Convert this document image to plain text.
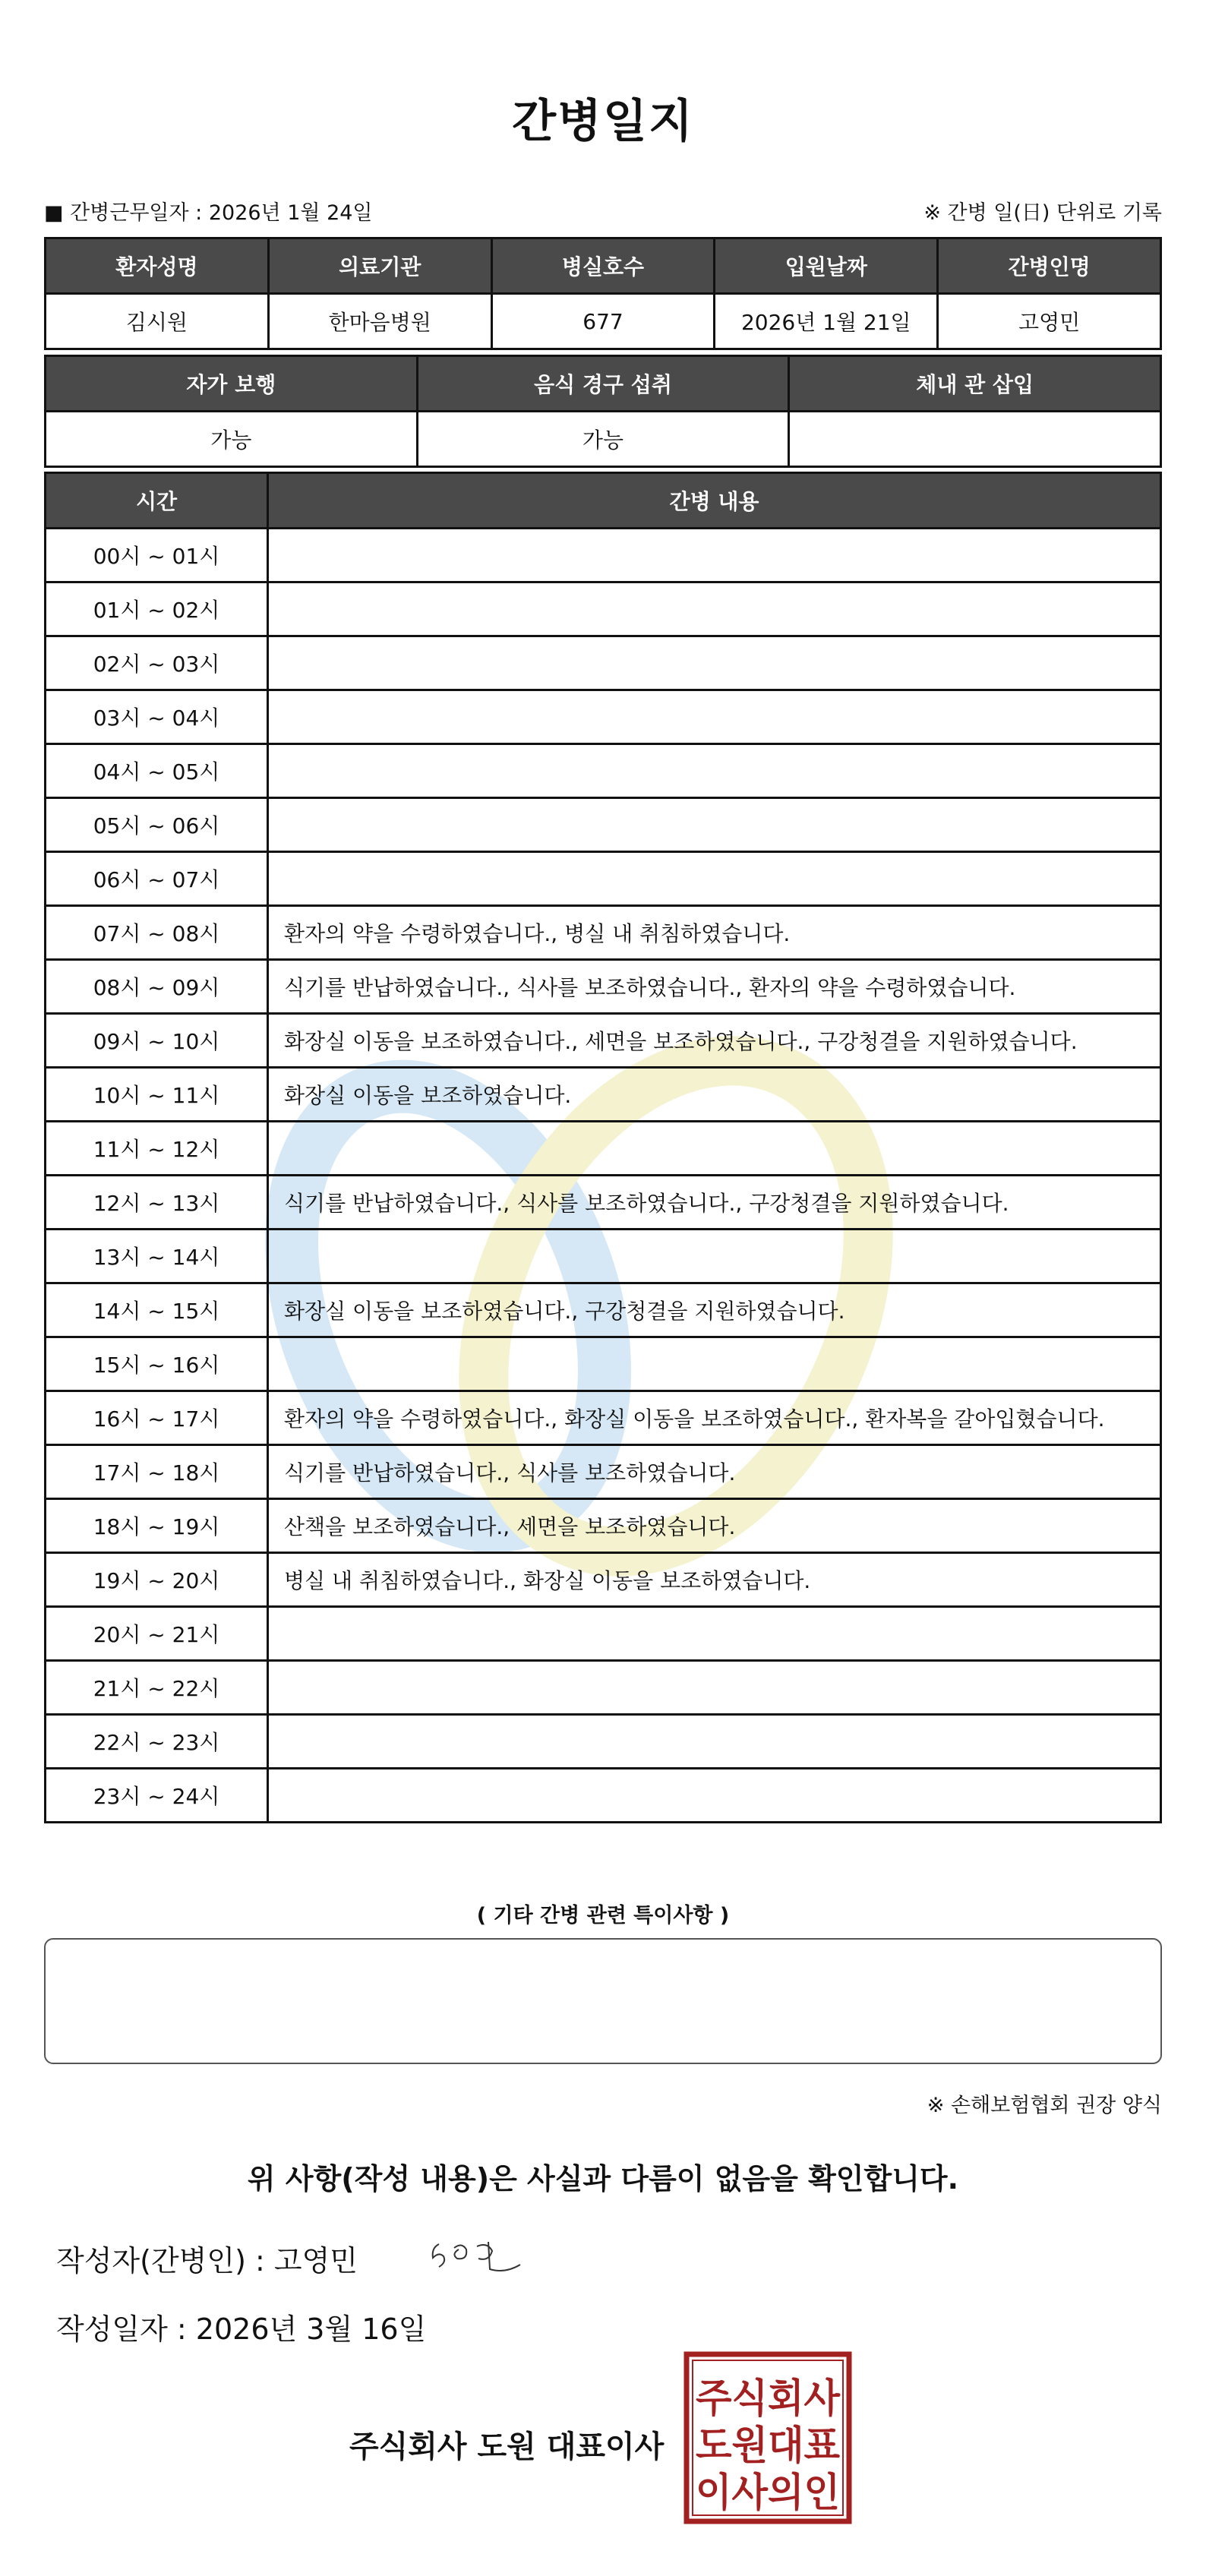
간병일지
■ 간병근무일자 : 2026년 1월 24일	※ 간병 일(日) 단위로 기록
환자성명	의료기관	병실호수	입원날짜	간병인명
김시원	한마음병원	677	2026년 1월 21일	고영민
자가 보행	음식 경구 섭취	체내 관 삽입
가능	가능	
시간	간병 내용
00시 ~ 01시	
01시 ~ 02시	
02시 ~ 03시	
03시 ~ 04시	
04시 ~ 05시	
05시 ~ 06시	
06시 ~ 07시	
07시 ~ 08시	환자의 약을 수령하였습니다., 병실 내 취침하였습니다.
08시 ~ 09시	식기를 반납하였습니다., 식사를 보조하였습니다., 환자의 약을 수령하였습니다.
09시 ~ 10시	화장실 이동을 보조하였습니다., 세면을 보조하였습니다., 구강청결을 지원하였습니다.
10시 ~ 11시	화장실 이동을 보조하였습니다.
11시 ~ 12시	
12시 ~ 13시	식기를 반납하였습니다., 식사를 보조하였습니다., 구강청결을 지원하였습니다.
13시 ~ 14시	
14시 ~ 15시	화장실 이동을 보조하였습니다., 구강청결을 지원하였습니다.
15시 ~ 16시	
16시 ~ 17시	환자의 약을 수령하였습니다., 화장실 이동을 보조하였습니다., 환자복을 갈아입혔습니다.
17시 ~ 18시	식기를 반납하였습니다., 식사를 보조하였습니다.
18시 ~ 19시	산책을 보조하였습니다., 세면을 보조하였습니다.
19시 ~ 20시	병실 내 취침하였습니다., 화장실 이동을 보조하였습니다.
20시 ~ 21시	
21시 ~ 22시	
22시 ~ 23시	
23시 ~ 24시	
( 기타 간병 관련 특이사항 )
※ 손해보험협회 권장 양식
위 사항(작성 내용)은 사실과 다름이 없음을 확인합니다.
작성자(간병인) : 고영민
작성일자 : 2026년 3월 16일
주식회사 도원 대표이사
주식회사
도원대표
이사의인
